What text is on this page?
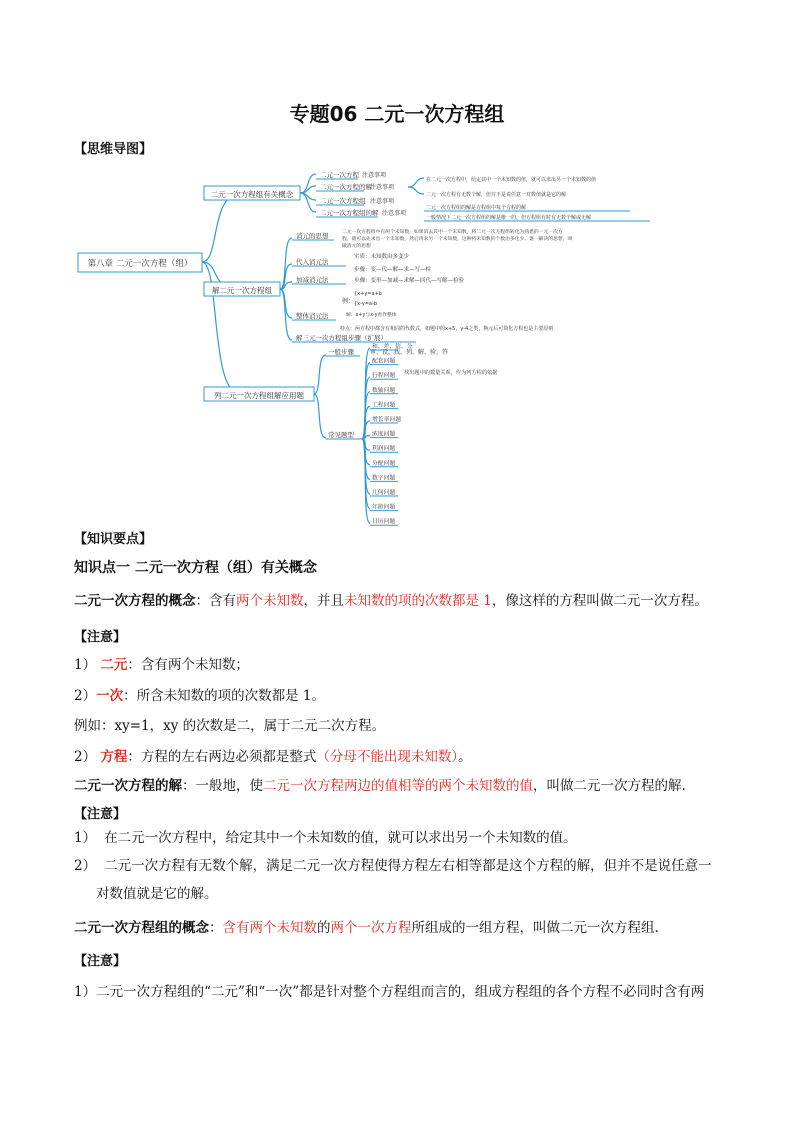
专题06 二元一次方程组
【思维导图】
第八章 二元一次方程（组）
二元一次方程组有关概念
二元一次方程 注意事项
二元一次方程的解
注意事项
二元一次方程组 注意事项
二元一次方程组的解 注意事项
在二元一次方程中，给定其中一个未知数的值，就可以求出另一个未知数的值
二元一次方程有无数个解，但并不是说任意一对数值就是它的解
二元一次方程组的解是方程组中每个方程的解
一般情况下二元一次方程组的解是唯一的，但方程组有时有无数个解或无解
解二元一次方程组
消元的思想	二元一次方程组中有两个未知数，如果消去其中一个未知数，将二元一次方程组转化为熟悉的一元一次方 程，就可以先求出一个未知数，然后再求另一个未知数，这种将未知数的个数由多化少、逐一解决的思想，叫 做消元的思想
代入消元法
实质：未知数由多变少
步骤：变—代—解—求—写—检
加减消元法	步骤：变形—加减—求解—回代—写解—检验
例：
{x+y=a+b
{x-y=a-b
解：x+y与x-y看作整体
整体消元法
特点：两方程中都含有相同的代数式，如题中的x+5，y-4之类，换元后可简化方程也是主要原则
解三元一次方程组步骤（扩展）
列二元一次方程组解应用题
一般步骤	审、设、找、列、解、验、答
常见题型
找出题中的数量关系，作为列方程的依据
和、差、倍、分
配套问题
行程问题
数轴问题
工程问题
增长率问题
浓度问题
利润问题
分配问题
数字问题
几何问题
年龄问题
日历问题
【知识要点】
知识点一 二元一次方程（组）有关概念
二元一次方程的概念：含有两个未知数，并且未知数的项的次数都是 1，像这样的方程叫做二元一次方程。
【注意】
1） 二元：含有两个未知数；
2）一次：所含未知数的项的次数都是 1。
例如：xy=1，xy 的次数是二，属于二元二次方程。
2） 方程：方程的左右两边必须都是整式（分母不能出现未知数）。
二元一次方程的解：一般地，使二元一次方程两边的值相等的两个未知数的值，叫做二元一次方程的解.
【注意】
1） 在二元一次方程中，给定其中一个未知数的值，就可以求出另一个未知数的值。
2） 二元一次方程有无数个解，满足二元一次方程使得方程左右相等都是这个方程的解，但并不是说任意一
对数值就是它的解。
二元一次方程组的概念：含有两个未知数的两个一次方程所组成的一组方程，叫做二元一次方程组.
【注意】
1）二元一次方程组的“二元”和“一次”都是针对整个方程组而言的，组成方程组的各个方程不必同时含有两
